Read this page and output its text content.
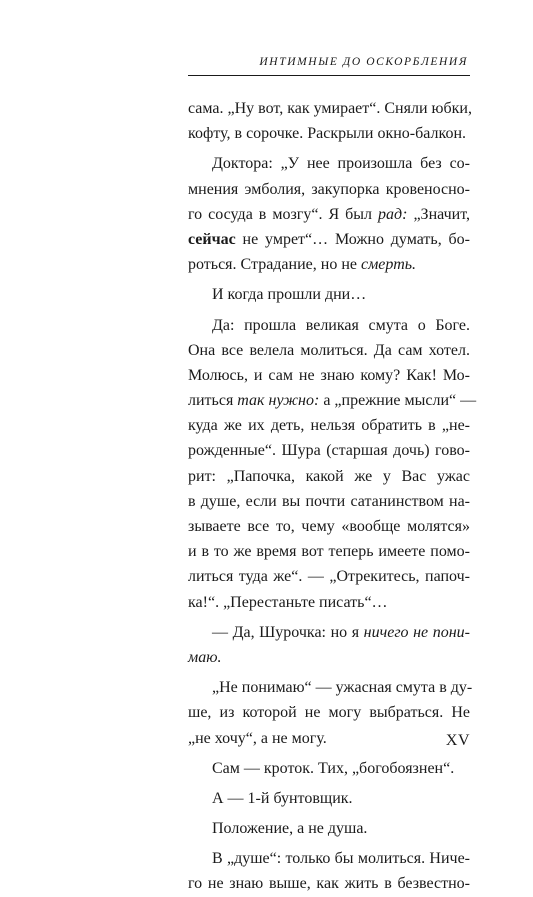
ИНТИМНЫЕ ДО ОСКОРБЛЕНИЯ
сама. „Ну вот, как умирает“. Сняли юбки,
кофту, в сорочке. Раскрыли окно-балкон.
Доктора: „У нее произошла без со-
мнения эмболия, закупорка кровеносно-
го сосуда в мозгу“. Я был рад: „Значит,
сейчас не умрет“… Можно думать, бо-
роться. Страдание, но не смерть.
И когда прошли дни…
Да: прошла великая смута о Боге.
Она все велела молиться. Да сам хотел.
Молюсь, и сам не знаю кому? Как! Мо-
литься так нужно: а „прежние мысли“ —
куда же их деть, нельзя обратить в „не-
рожденные“. Шура (старшая дочь) гово-
рит: „Папочка, какой же у Вас ужас
в душе, если вы почти сатанинством на-
зываете все то, чему «вообще молятся»
и в то же время вот теперь имеете помо-
литься туда же“. — „Отрекитесь, папоч-
ка!“. „Перестаньте писать“…
— Да, Шурочка: но я ничего не пони-
маю.
„Не понимаю“ — ужасная смута в ду-
ше, из которой не могу выбраться. Не
„не хочу“, а не могу.
Сам — кроток. Тих, „богобоязнен“.
А — 1-й бунтовщик.
Положение, а не душа.
В „душе“: только бы молиться. Ниче-
го не знаю выше, как жить в безвестно-
XV
